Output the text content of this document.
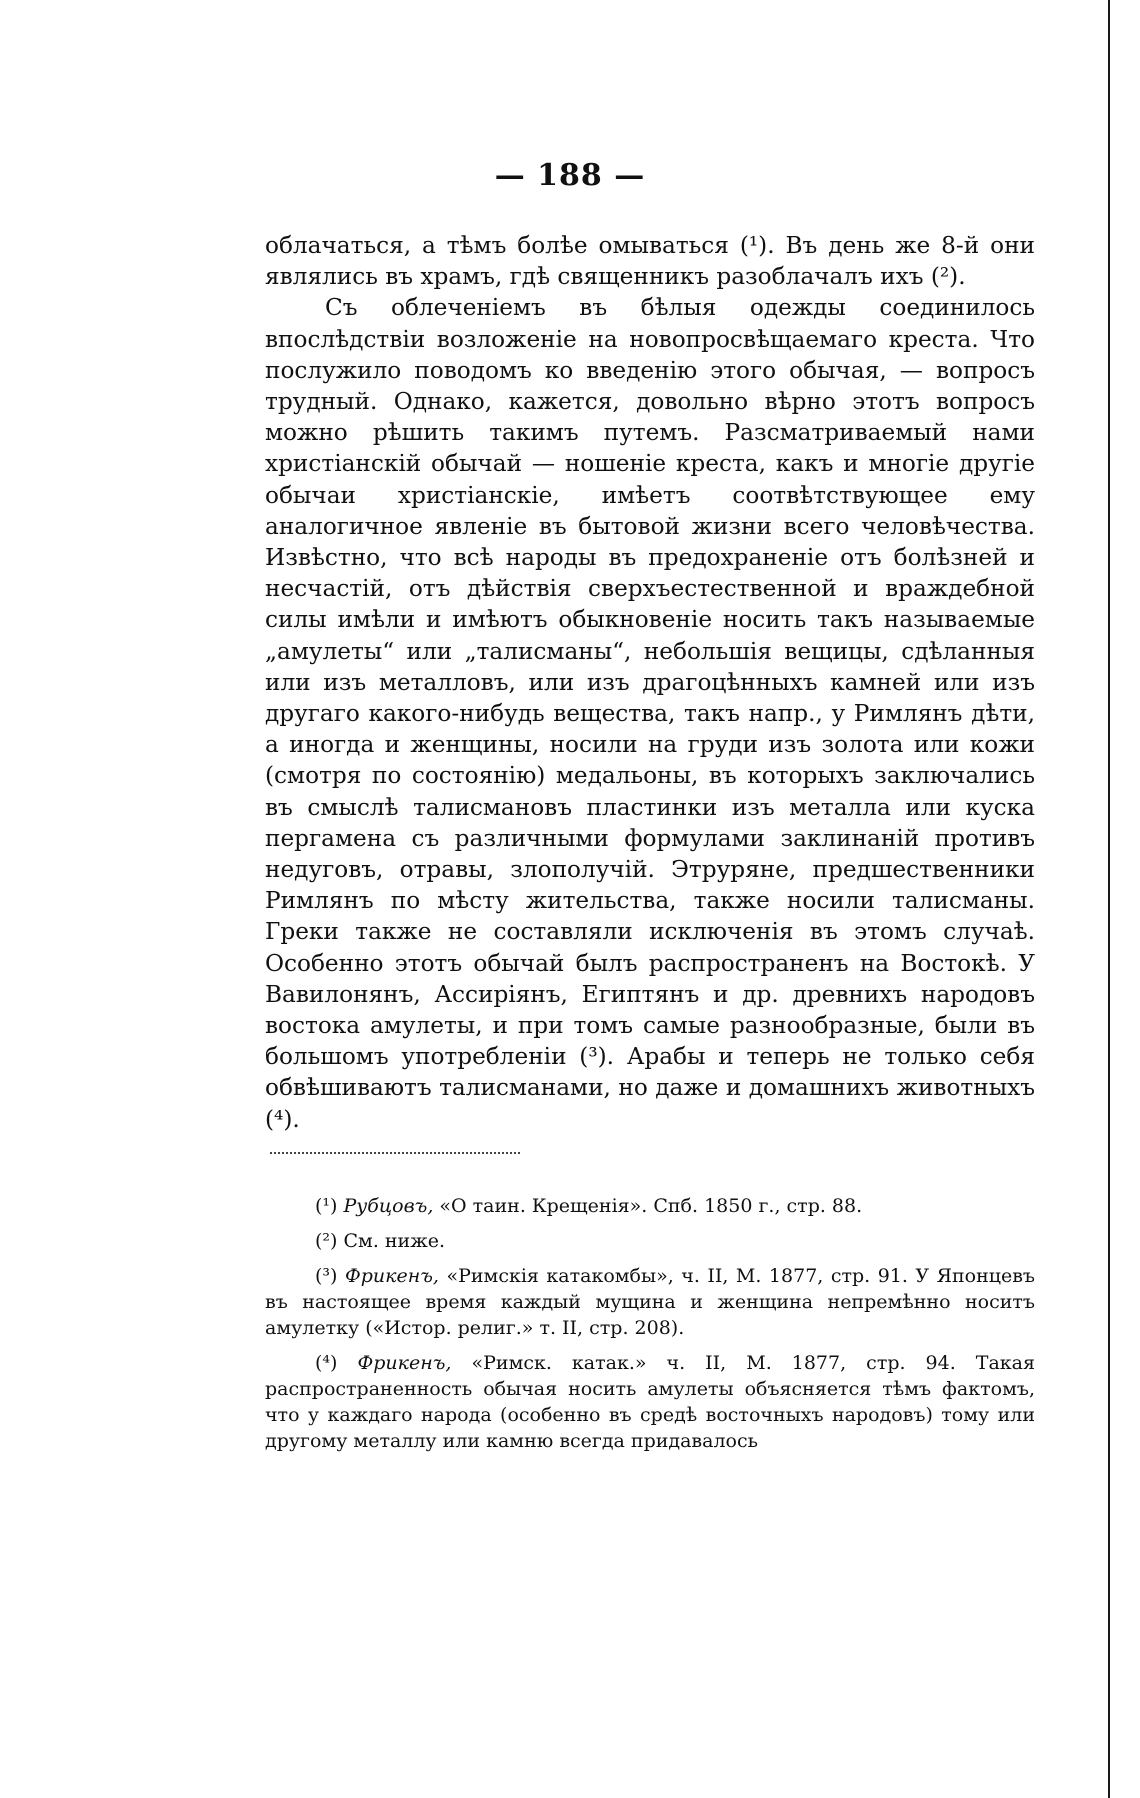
— 188 —

облачаться, а тѣмъ болѣе омываться (¹). Въ день же 8-й они являлись въ храмъ, гдѣ священникъ разоблачалъ ихъ (²).

Съ облеченіемъ въ бѣлыя одежды соединилось впослѣдствіи возложеніе на новопросвѣщаемаго креста. Что послужило поводомъ ко введенію этого обычая, — вопросъ трудный. Однако, кажется, довольно вѣрно этотъ вопросъ можно рѣшить такимъ путемъ. Разсматриваемый нами христіанскій обычай — ношеніе креста, какъ и многіе другіе обычаи христіанскіе, имѣетъ соотвѣтствующее ему аналогичное явленіе въ бытовой жизни всего человѣчества. Извѣстно, что всѣ народы въ предохраненіе отъ болѣзней и несчастій, отъ дѣйствія сверхъестественной и враждебной силы имѣли и имѣютъ обыкновеніе носить такъ называемые „амулеты“ или „талисманы“, небольшія вещицы, сдѣланныя или изъ металловъ, или изъ драгоцѣнныхъ камней или изъ другаго какого-нибудь вещества, такъ напр., у Римлянъ дѣти, а иногда и женщины, носили на груди изъ золота или кожи (смотря по состоянію) медальоны, въ которыхъ заключались въ смыслѣ талисмановъ пластинки изъ металла или куска пергамена съ различными формулами заклинаній противъ недуговъ, отравы, злополучій. Этруряне, предшественники Римлянъ по мѣсту жительства, также носили талисманы. Греки также не составляли исключенія въ этомъ случаѣ. Особенно этотъ обычай былъ распространенъ на Востокѣ. У Вавилонянъ, Ассиріянъ, Египтянъ и др. древнихъ народовъ востока амулеты, и при томъ самые разнообразные, были въ большомъ употребленіи (³). Арабы и теперь не только себя обвѣшиваютъ талисманами, но даже и домашнихъ животныхъ (⁴).

(¹) Рубцовъ, «О таин. Крещенія». Спб. 1850 г., стр. 88.

(²) См. ниже.

(³) Фрикенъ, «Римскія катакомбы», ч. II, М. 1877, стр. 91. У Японцевъ въ настоящее время каждый мущина и женщина непремѣнно носитъ амулетку («Истор. религ.» т. II, стр. 208).

(⁴) Фрикенъ, «Римск. катак.» ч. II, М. 1877, стр. 94. Такая распространенность обычая носить амулеты объясняется тѣмъ фактомъ, что у каждаго народа (особенно въ средѣ восточныхъ народовъ) тому или другому металлу или камню всегда придавалось
